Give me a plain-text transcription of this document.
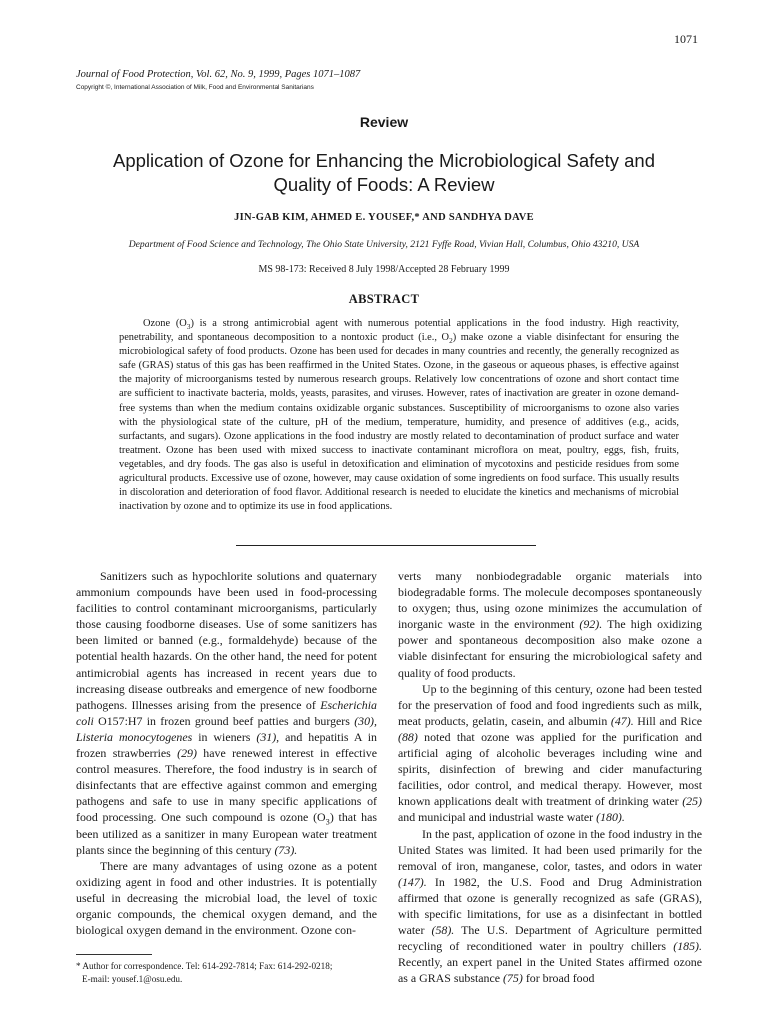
1071
Journal of Food Protection, Vol. 62, No. 9, 1999, Pages 1071–1087
Copyright ©, International Association of Milk, Food and Environmental Sanitarians
Review
Application of Ozone for Enhancing the Microbiological Safety and Quality of Foods: A Review
JIN-GAB KIM, AHMED E. YOUSEF,* AND SANDHYA DAVE
Department of Food Science and Technology, The Ohio State University, 2121 Fyffe Road, Vivian Hall, Columbus, Ohio 43210, USA
MS 98-173: Received 8 July 1998/Accepted 28 February 1999
ABSTRACT

Ozone $(O_3)$ is a strong antimicrobial agent with numerous potential applications in the food industry. High reactivity, penetrability, and spontaneous decomposition to a nontoxic product (i.e., $O_2$) make ozone a viable disinfectant for ensuring the microbiological safety of food products. Ozone has been used for decades in many countries and recently, the generally recognized as safe (GRAS) status of this gas has been reaffirmed in the United States. Ozone, in the gaseous or aqueous phases, is effective against the majority of microorganisms tested by numerous research groups. Relatively low concentrations of ozone and short contact time are sufficient to inactivate bacteria, molds, yeasts, parasites, and viruses. However, rates of inactivation are greater in ozone demand-free systems than when the medium contains oxidizable organic substances. Susceptibility of microorganisms to ozone also varies with the physiological state of the culture, pH of the medium, temperature, humidity, and presence of additives (e.g., acids, surfactants, and sugars). Ozone applications in the food industry are mostly related to decontamination of product surface and water treatment. Ozone has been used with mixed success to inactivate contaminant microflora on meat, poultry, eggs, fish, fruits, vegetables, and dry foods. The gas also is useful in detoxification and elimination of mycotoxins and pesticide residues from some agricultural products. Excessive use of ozone, however, may cause oxidation of some ingredients on food surface. This usually results in discoloration and deterioration of food flavor. Additional research is needed to elucidate the kinetics and mechanisms of microbial inactivation by ozone and to optimize its use in food applications.

Sanitizers such as hypochlorite solutions and quaternary ammonium compounds have been used in food-processing facilities to control contaminant microorganisms, particularly those causing foodborne diseases. Use of some sanitizers has been limited or banned (e.g., formaldehyde) because of the potential health hazards. On the other hand, the need for potent antimicrobial agents has increased in recent years due to increasing disease outbreaks and emergence of new foodborne pathogens. Illnesses arising from the presence of Escherichia coli O157:H7 in frozen ground beef patties and burgers (30), Listeria monocytogenes in wieners (31), and hepatitis A in frozen strawberries (29) have renewed interest in effective control measures. Therefore, the food industry is in search of disinfectants that are effective against common and emerging pathogens and safe to use in many specific applications of food processing. One such compound is ozone $(O_3)$ that has been utilized as a sanitizer in many European water treatment plants since the beginning of this century (73).

There are many advantages of using ozone as a potent oxidizing agent in food and other industries. It is potentially useful in decreasing the microbial load, the level of toxic organic compounds, the chemical oxygen demand, and the biological oxygen demand in the environment. Ozone con-

verts many nonbiodegradable organic materials into biodegradable forms. The molecule decomposes spontaneously to oxygen; thus, using ozone minimizes the accumulation of inorganic waste in the environment (92). The high oxidizing power and spontaneous decomposition also make ozone a viable disinfectant for ensuring the microbiological safety and quality of food products.

Up to the beginning of this century, ozone had been tested for the preservation of food and food ingredients such as milk, meat products, gelatin, casein, and albumin (47). Hill and Rice (88) noted that ozone was applied for the purification and artificial aging of alcoholic beverages including wine and spirits, disinfection of brewing and cider manufacturing facilities, odor control, and medical therapy. However, most known applications dealt with treatment of drinking water (25) and municipal and industrial waste water (180).

In the past, application of ozone in the food industry in the United States was limited. It had been used primarily for the removal of iron, manganese, color, tastes, and odors in water (147). In 1982, the U.S. Food and Drug Administration affirmed that ozone is generally recognized as safe (GRAS), with specific limitations, for use as a disinfectant in bottled water (58). The U.S. Department of Agriculture permitted recycling of reconditioned water in poultry chillers (185). Recently, an expert panel in the United States affirmed ozone as a GRAS substance (75) for broad food

* Author for correspondence. Tel: 614-292-7814; Fax: 614-292-0218;
E-mail: yousef.1@osu.edu.
